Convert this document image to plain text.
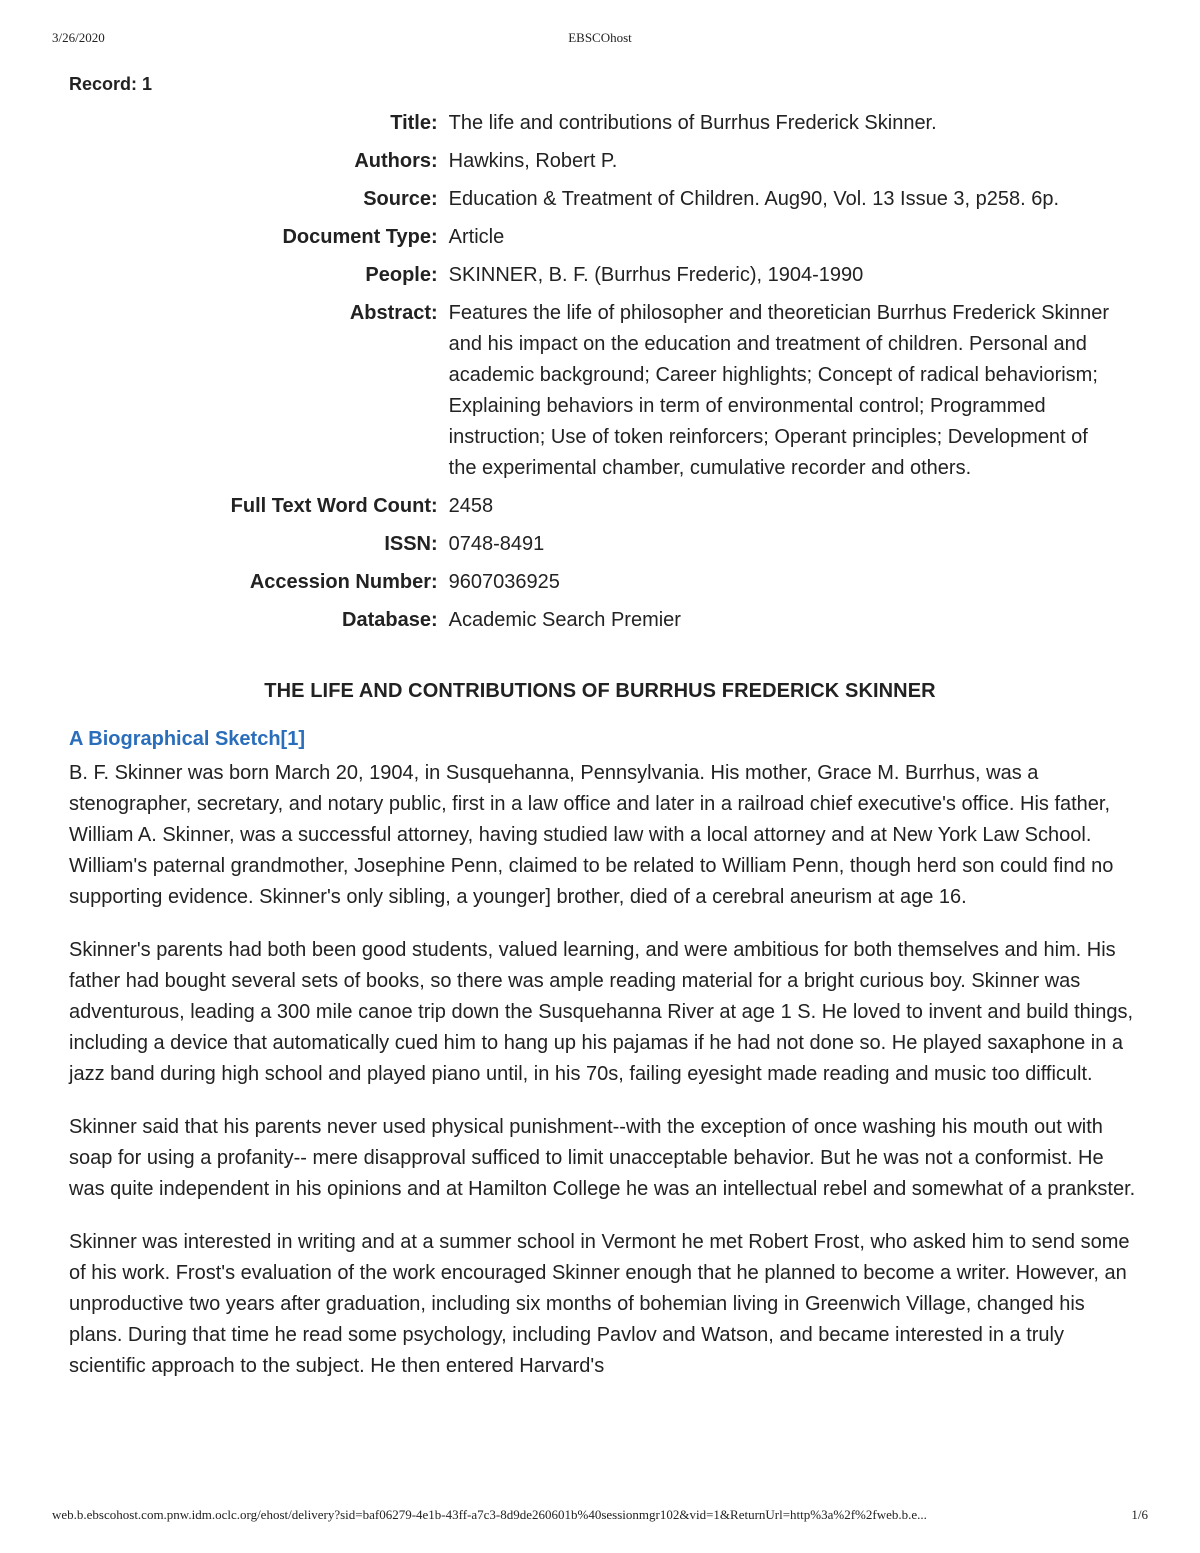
3/26/2020	EBSCOhost
Record: 1
Title:	The life and contributions of Burrhus Frederick Skinner.
Authors:	Hawkins, Robert P.
Source:	Education & Treatment of Children. Aug90, Vol. 13 Issue 3, p258. 6p.
Document Type:	Article
People:	SKINNER, B. F. (Burrhus Frederic), 1904-1990
Abstract:	Features the life of philosopher and theoretician Burrhus Frederick Skinner and his impact on the education and treatment of children. Personal and academic background; Career highlights; Concept of radical behaviorism; Explaining behaviors in term of environmental control; Programmed instruction; Use of token reinforcers; Operant principles; Development of the experimental chamber, cumulative recorder and others.
Full Text Word Count:	2458
ISSN:	0748-8491
Accession Number:	9607036925
Database:	Academic Search Premier
THE LIFE AND CONTRIBUTIONS OF BURRHUS FREDERICK SKINNER
A Biographical Sketch[1]

B. F. Skinner was born March 20, 1904, in Susquehanna, Pennsylvania. His mother, Grace M. Burrhus, was a stenographer, secretary, and notary public, first in a law office and later in a railroad chief executive's office. His father, William A. Skinner, was a successful attorney, having studied law with a local attorney and at New York Law School. William's paternal grandmother, Josephine Penn, claimed to be related to William Penn, though herd son could find no supporting evidence. Skinner's only sibling, a younger] brother, died of a cerebral aneurism at age 16.

Skinner's parents had both been good students, valued learning, and were ambitious for both themselves and him. His father had bought several sets of books, so there was ample reading material for a bright curious boy. Skinner was adventurous, leading a 300 mile canoe trip down the Susquehanna River at age 1 S. He loved to invent and build things, including a device that automatically cued him to hang up his pajamas if he had not done so. He played saxaphone in a jazz band during high school and played piano until, in his 70s, failing eyesight made reading and music too difficult.

Skinner said that his parents never used physical punishment--with the exception of once washing his mouth out with soap for using a profanity-- mere disapproval sufficed to limit unacceptable behavior. But he was not a conformist. He was quite independent in his opinions and at Hamilton College he was an intellectual rebel and somewhat of a prankster.

Skinner was interested in writing and at a summer school in Vermont he met Robert Frost, who asked him to send some of his work. Frost's evaluation of the work encouraged Skinner enough that he planned to become a writer. However, an unproductive two years after graduation, including six months of bohemian living in Greenwich Village, changed his plans. During that time he read some psychology, including Pavlov and Watson, and became interested in a truly scientific approach to the subject. He then entered Harvard's

web.b.ebscohost.com.pnw.idm.oclc.org/ehost/delivery?sid=baf06279-4e1b-43ff-a7c3-8d9de260601b%40sessionmgr102&vid=1&ReturnUrl=http%3a%2f%2fweb.b.e...	1/6
